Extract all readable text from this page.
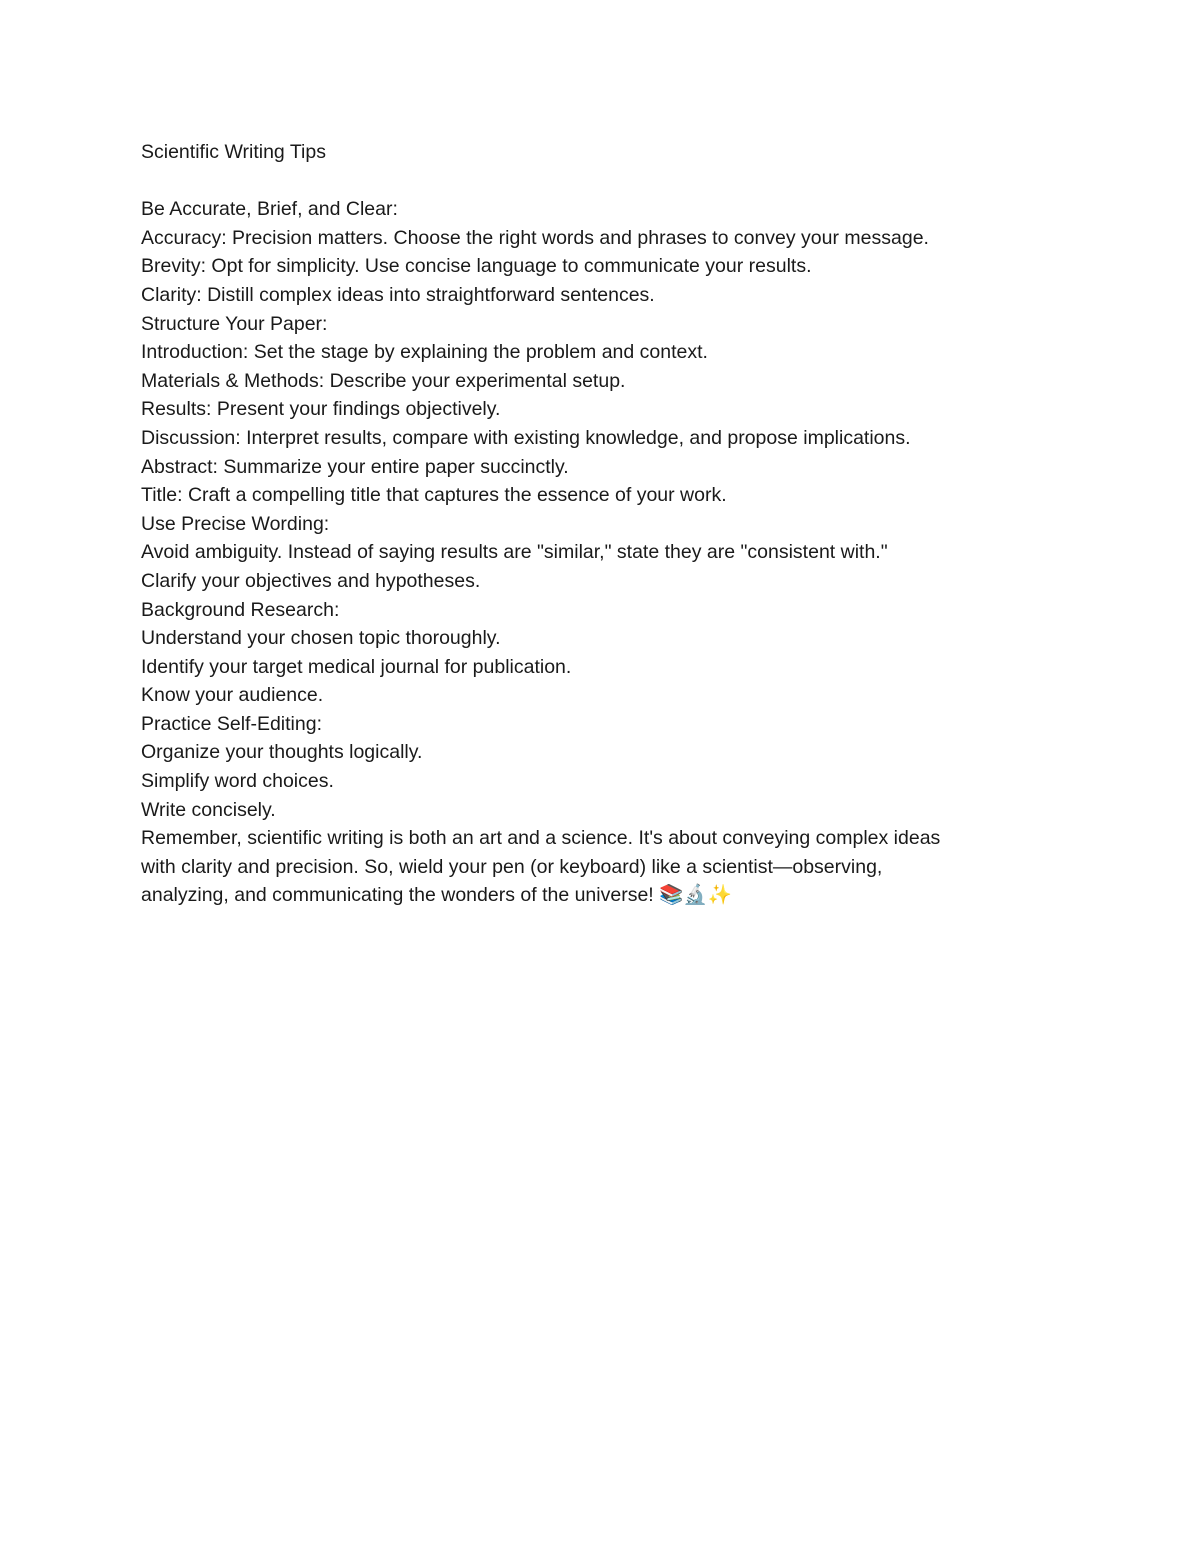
Scientific Writing Tips
Be Accurate, Brief, and Clear:
Accuracy: Precision matters. Choose the right words and phrases to convey your message.
Brevity: Opt for simplicity. Use concise language to communicate your results.
Clarity: Distill complex ideas into straightforward sentences.
Structure Your Paper:
Introduction: Set the stage by explaining the problem and context.
Materials & Methods: Describe your experimental setup.
Results: Present your findings objectively.
Discussion: Interpret results, compare with existing knowledge, and propose implications.
Abstract: Summarize your entire paper succinctly.
Title: Craft a compelling title that captures the essence of your work.
Use Precise Wording:
Avoid ambiguity. Instead of saying results are "similar," state they are "consistent with."
Clarify your objectives and hypotheses.
Background Research:
Understand your chosen topic thoroughly.
Identify your target medical journal for publication.
Know your audience.
Practice Self-Editing:
Organize your thoughts logically.
Simplify word choices.
Write concisely.
Remember, scientific writing is both an art and a science. It's about conveying complex ideas
with clarity and precision. So, wield your pen (or keyboard) like a scientist—observing,
analyzing, and communicating the wonders of the universe! 📚🔬✨
